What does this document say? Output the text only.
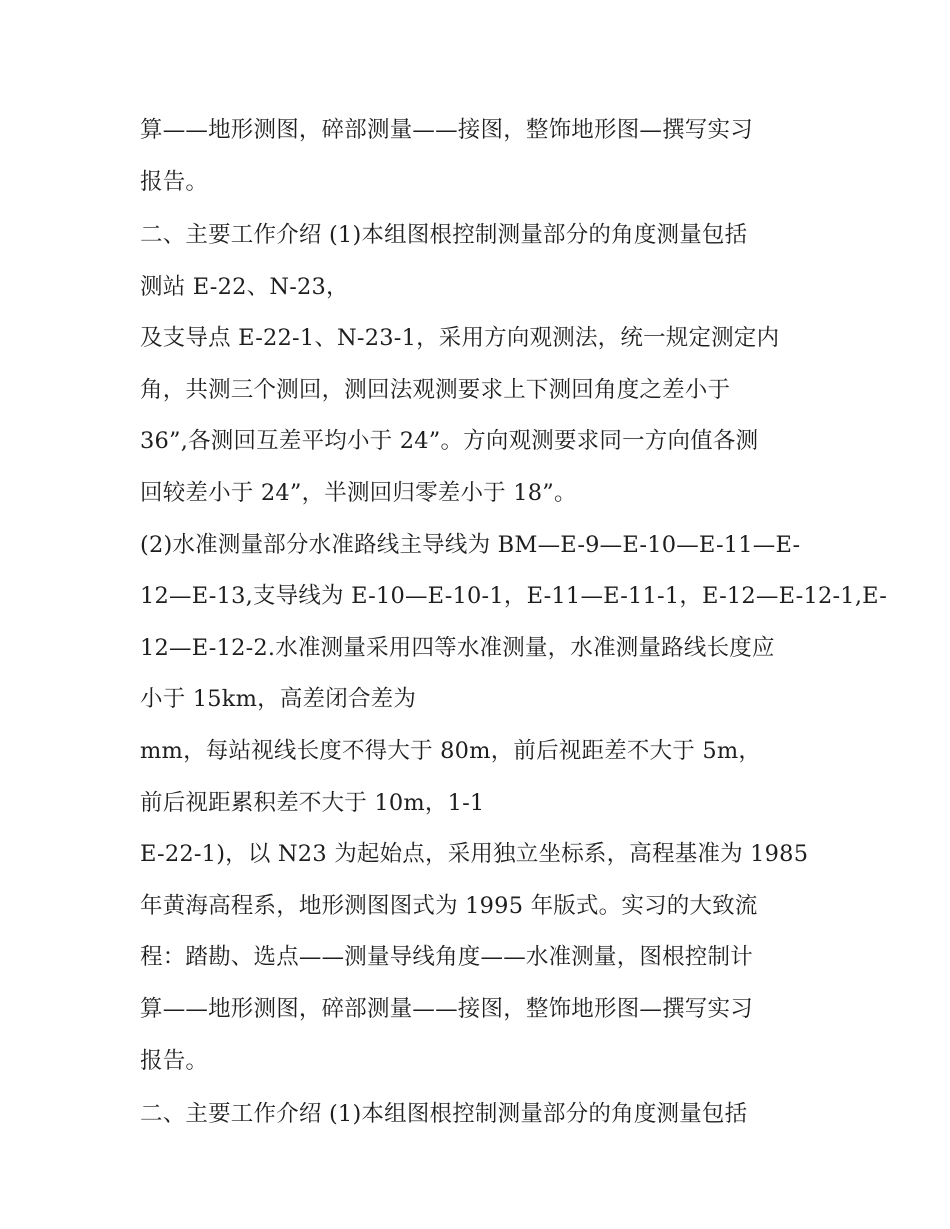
算——地形测图，碎部测量——接图，整饰地形图—撰写实习
报告。
二、主要工作介绍 (1)本组图根控制测量部分的角度测量包括
测站 E-22、N-23，
及支导点 E-22-1、N-23-1，采用方向观测法，统一规定测定内
角，共测三个测回，测回法观测要求上下测回角度之差小于
36”,各测回互差平均小于 24”。方向观测要求同一方向值各测
回较差小于 24”，半测回归零差小于 18”。
(2)水准测量部分水准路线主导线为 BM—E-9—E-10—E-11—E-
12—E-13,支导线为 E-10—E-10-1，E-11—E-11-1，E-12—E-12-1,E-
12—E-12-2.水准测量采用四等水准测量，水准测量路线长度应
小于 15km，高差闭合差为
mm，每站视线长度不得大于 80m，前后视距差不大于 5m，
前后视距累积差不大于 10m，1-1
E-22-1)，以 N23 为起始点，采用独立坐标系，高程基准为 1985
年黄海高程系，地形测图图式为 1995 年版式。实习的大致流
程：踏勘、选点——测量导线角度——水准测量，图根控制计
算——地形测图，碎部测量——接图，整饰地形图—撰写实习
报告。
二、主要工作介绍 (1)本组图根控制测量部分的角度测量包括
